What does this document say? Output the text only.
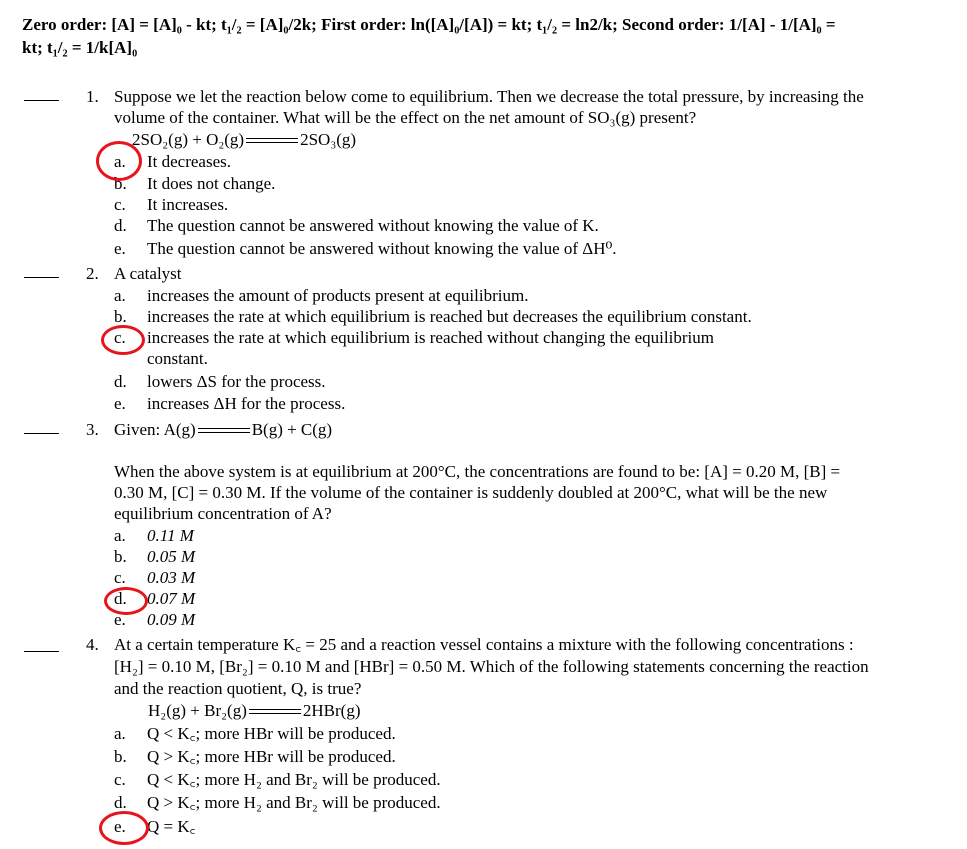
Zero order: [A] = [A]₀ - kt; t₁/₂ = [A]₀/2k; First order: ln([A]₀/[A]) = kt; t₁/₂ = ln2/k; Second order: 1/[A] - 1/[A]₀ =
kt; t₁/₂ = 1/k[A]₀
1. Suppose we let the reaction below come to equilibrium. Then we decrease the total pressure, by increasing the
volume of the container. What will be the effect on the net amount of SO₃(g) present?
2SO₂(g) + O₂(g)	2SO₃(g)
a. It decreases.
b. It does not change.
c. It increases.
d. The question cannot be answered without knowing the value of K.
e. The question cannot be answered without knowing the value of ΔH⁰.
2. A catalyst
a. increases the amount of products present at equilibrium.
b. increases the rate at which equilibrium is reached but decreases the equilibrium constant.
c. increases the rate at which equilibrium is reached without changing the equilibrium
constant.
d. lowers ΔS for the process.
e. increases ΔH for the process.
3. Given: A(g)	B(g) + C(g)
When the above system is at equilibrium at 200°C, the concentrations are found to be: [A] = 0.20 M, [B] =
0.30 M, [C] = 0.30 M. If the volume of the container is suddenly doubled at 200°C, what will be the new
equilibrium concentration of A?
a. 0.11 M
b. 0.05 M
c. 0.03 M
d. 0.07 M
e. 0.09 M
4. At a certain temperature K꜀ = 25 and a reaction vessel contains a mixture with the following concentrations :
[H₂] = 0.10 M, [Br₂] = 0.10 M and [HBr] = 0.50 M. Which of the following statements concerning the reaction
and the reaction quotient, Q, is true?
H₂(g) + Br₂(g)	2HBr(g)
a. Q < K꜀; more HBr will be produced.
b. Q > K꜀; more HBr will be produced.
c. Q < K꜀; more H₂ and Br₂ will be produced.
d. Q > K꜀; more H₂ and Br₂ will be produced.
e. Q = K꜀
